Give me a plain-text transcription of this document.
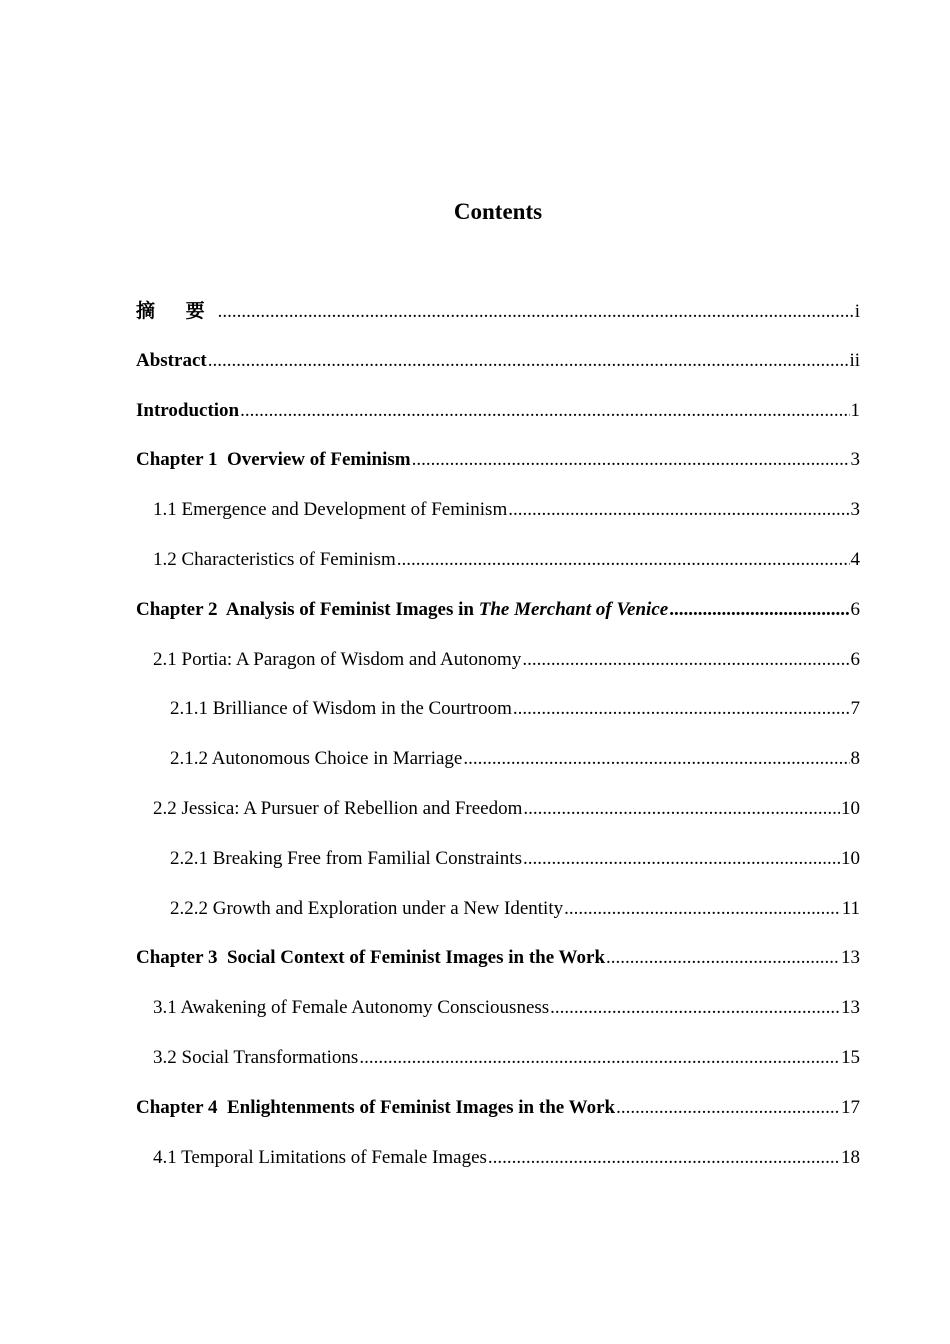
Contents
摘 要 .....	i
Abstract .....	ii
Introduction .....	1
Chapter 1  Overview of Feminism .....	3
1.1 Emergence and Development of Feminism .....	3
1.2 Characteristics of Feminism .....	4
Chapter 2  Analysis of Feminist Images in The Merchant of Venice .....	6
2.1 Portia: A Paragon of Wisdom and Autonomy .....	6
2.1.1 Brilliance of Wisdom in the Courtroom .....	7
2.1.2 Autonomous Choice in Marriage .....	8
2.2 Jessica: A Pursuer of Rebellion and Freedom .....	10
2.2.1 Breaking Free from Familial Constraints .....	10
2.2.2 Growth and Exploration under a New Identity .....	11
Chapter 3  Social Context of Feminist Images in the Work .....	13
3.1 Awakening of Female Autonomy Consciousness .....	13
3.2 Social Transformations .....	15
Chapter 4  Enlightenments of Feminist Images in the Work .....	17
4.1 Temporal Limitations of Female Images .....	18
